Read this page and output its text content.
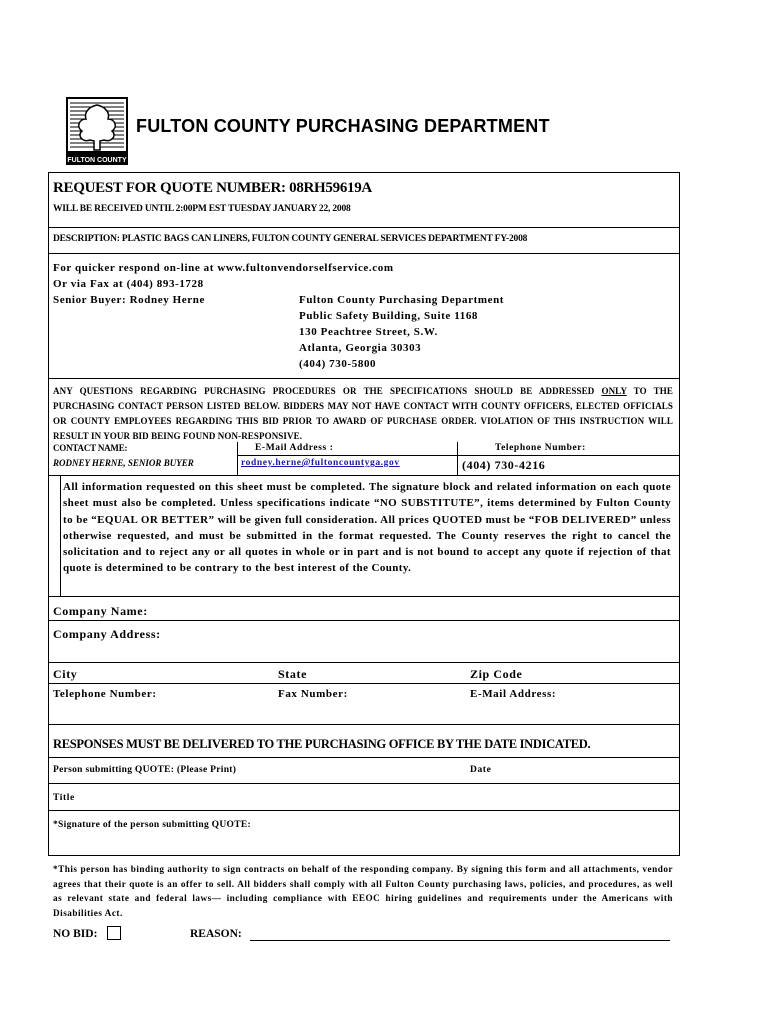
FULTON COUNTY
FULTON COUNTY PURCHASING DEPARTMENT
REQUEST FOR QUOTE NUMBER: 08RH59619A
WILL BE RECEIVED UNTIL 2:00PM EST TUESDAY JANUARY 22, 2008
DESCRIPTION: PLASTIC BAGS CAN LINERS, FULTON COUNTY GENERAL SERVICES DEPARTMENT FY-2008
For quicker respond on-line at www.fultonvendorselfservice.com
Or via Fax at (404) 893-1728
Senior Buyer: Rodney Herne	Fulton County Purchasing Department
Public Safety Building, Suite 1168
130 Peachtree Street, S.W.
Atlanta, Georgia 30303
(404) 730-5800
ANY QUESTIONS REGARDING PURCHASING PROCEDURES OR THE SPECIFICATIONS SHOULD BE ADDRESSED ONLY TO THE PURCHASING CONTACT PERSON LISTED BELOW. BIDDERS MAY NOT HAVE CONTACT WITH COUNTY OFFICERS, ELECTED OFFICIALS OR COUNTY EMPLOYEES REGARDING THIS BID PRIOR TO AWARD OF PURCHASE ORDER. VIOLATION OF THIS INSTRUCTION WILL RESULT IN YOUR BID BEING FOUND NON-RESPONSIVE.
CONTACT NAME:	E-Mail Address :	Telephone Number:
RODNEY HERNE, SENIOR BUYER	rodney.herne@fultoncountyga.gov	(404) 730-4216
All information requested on this sheet must be completed. The signature block and related information on each quote sheet must also be completed. Unless specifications indicate “NO SUBSTITUTE”, items determined by Fulton County to be “EQUAL OR BETTER” will be given full consideration. All prices QUOTED must be “FOB DELIVERED” unless otherwise requested, and must be submitted in the format requested. The County reserves the right to cancel the solicitation and to reject any or all quotes in whole or in part and is not bound to accept any quote if rejection of that quote is determined to be contrary to the best interest of the County.
Company Name:
Company Address:
City	State	Zip Code
Telephone Number:	Fax Number:	E-Mail Address:
RESPONSES MUST BE DELIVERED TO THE PURCHASING OFFICE BY THE DATE INDICATED.
Person submitting QUOTE: (Please Print)	Date
Title
*Signature of the person submitting QUOTE:
*This person has binding authority to sign contracts on behalf of the responding company. By signing this form and all attachments, vendor agrees that their quote is an offer to sell. All bidders shall comply with all Fulton County purchasing laws, policies, and procedures, as well as relevant state and federal laws— including compliance with EEOC hiring guidelines and requirements under the Americans with Disabilities Act.
NO BID:	REASON:
